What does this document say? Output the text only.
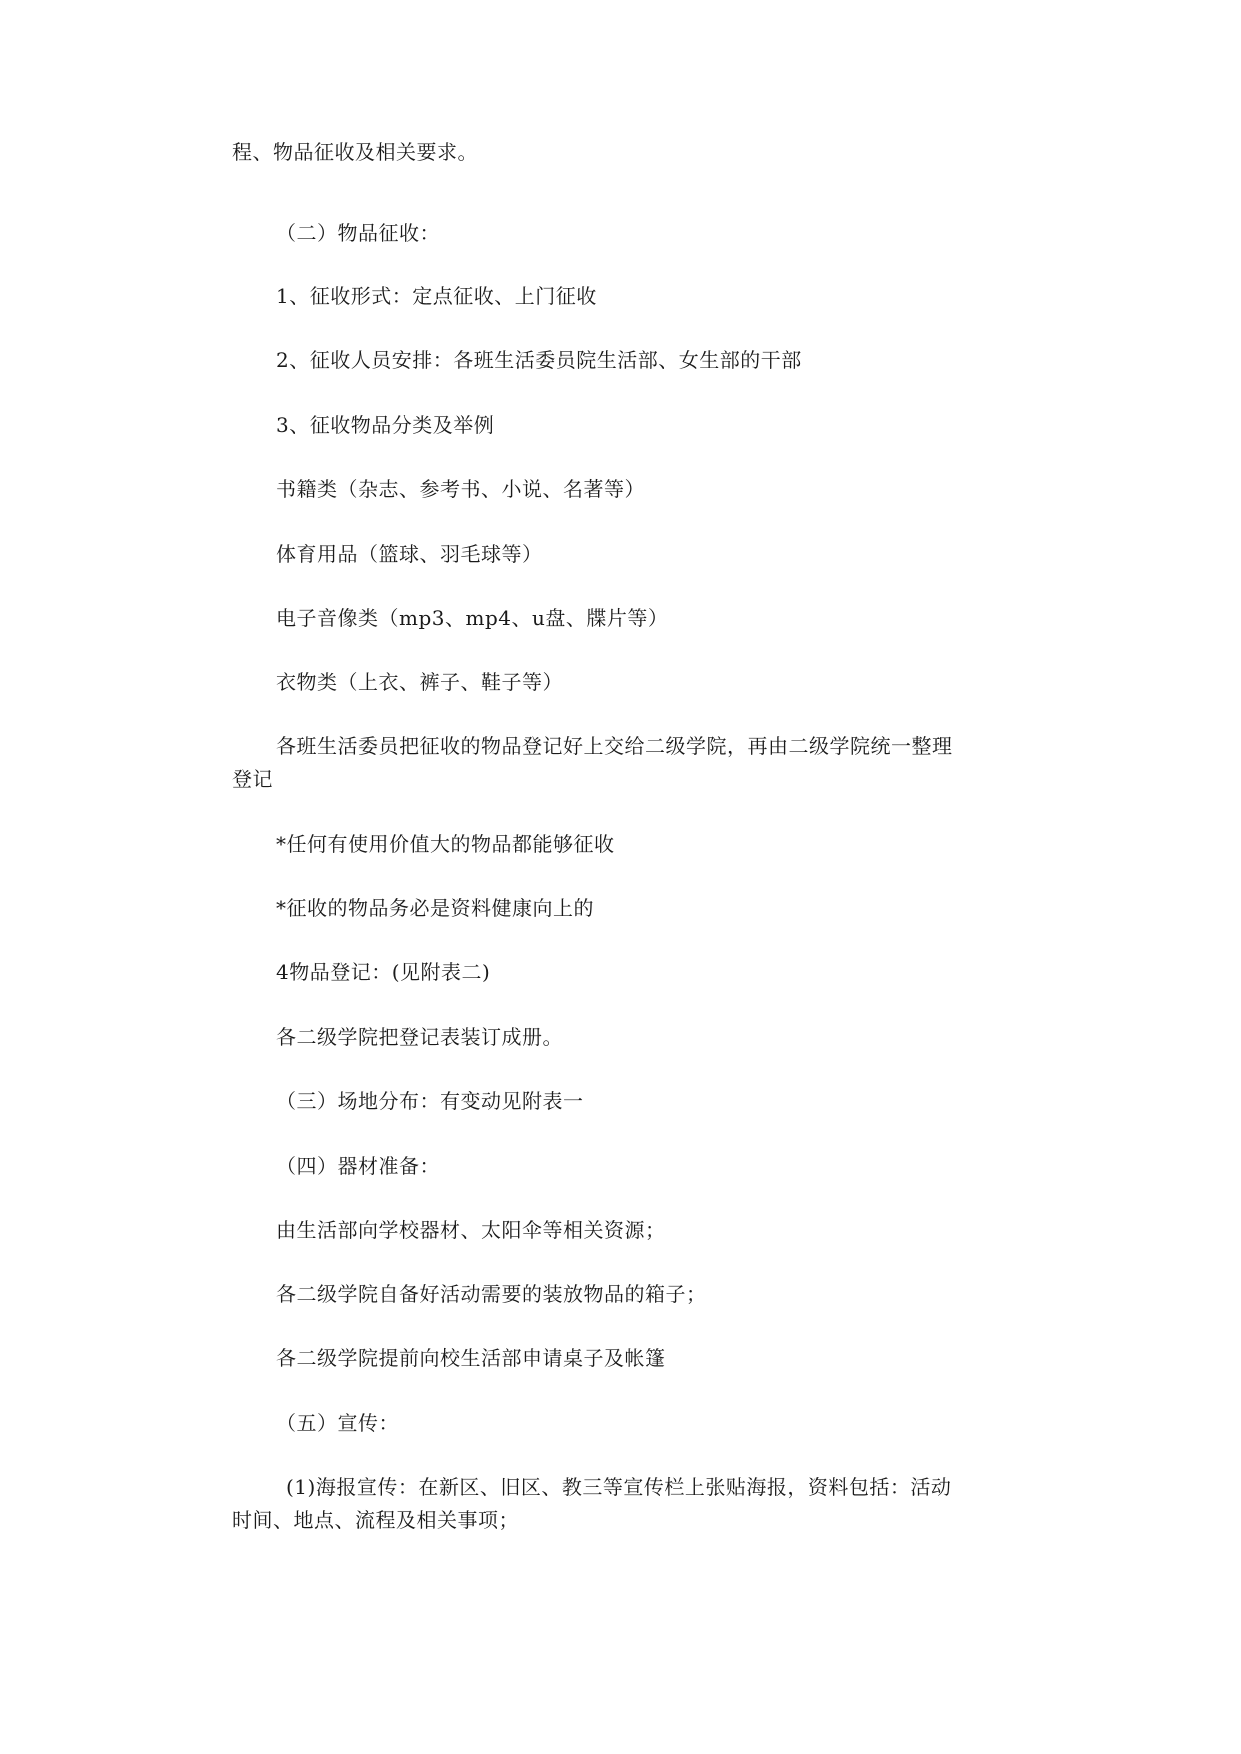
程、物品征收及相关要求。

（二）物品征收：

1、征收形式：定点征收、上门征收

2、征收人员安排：各班生活委员院生活部、女生部的干部

3、征收物品分类及举例

书籍类（杂志、参考书、小说、名著等）

体育用品（篮球、羽毛球等）

电子音像类（mp3、mp4、u盘、牒片等）

衣物类（上衣、裤子、鞋子等）

各班生活委员把征收的物品登记好上交给二级学院，再由二级学院统一整理

登记

*任何有使用价值大的物品都能够征收

*征收的物品务必是资料健康向上的

4物品登记：(见附表二)

各二级学院把登记表装订成册。

（三）场地分布：有变动见附表一

（四）器材准备：

由生活部向学校器材、太阳伞等相关资源；

各二级学院自备好活动需要的装放物品的箱子；

各二级学院提前向校生活部申请桌子及帐篷

（五）宣传：

(1)海报宣传：在新区、旧区、教三等宣传栏上张贴海报，资料包括：活动

时间、地点、流程及相关事项；
